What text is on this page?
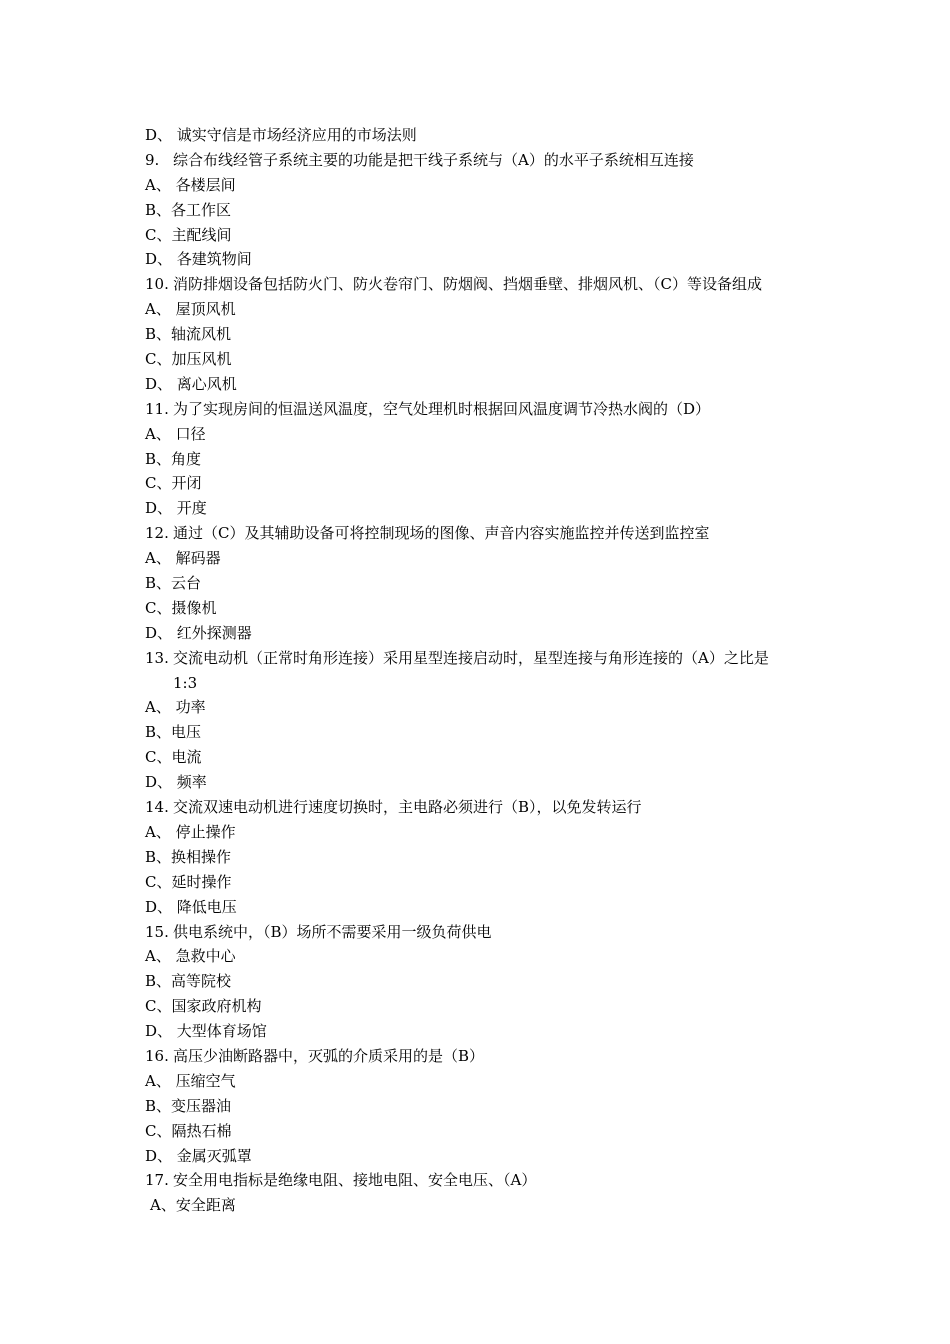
D、 诚实守信是市场经济应用的市场法则
9. 综合布线经管子系统主要的功能是把干线子系统与（A）的水平子系统相互连接
A、 各楼层间
B、各工作区
C、主配线间
D、 各建筑物间
10. 消防排烟设备包括防火门、防火卷帘门、防烟阀、挡烟垂壁、排烟风机、（C）等设备组成
A、 屋顶风机
B、轴流风机
C、加压风机
D、 离心风机
11. 为了实现房间的恒温送风温度，空气处理机时根据回风温度调节冷热水阀的（D）
A、 口径
B、角度
C、开闭
D、 开度
12. 通过（C）及其辅助设备可将控制现场的图像、声音内容实施监控并传送到监控室
A、 解码器
B、云台
C、摄像机
D、 红外探测器
13. 交流电动机（正常时角形连接）采用星型连接启动时，星型连接与角形连接的（A）之比是
1:3
A、 功率
B、电压
C、电流
D、 频率
14. 交流双速电动机进行速度切换时，主电路必须进行（B），以免发转运行
A、 停止操作
B、换相操作
C、延时操作
D、 降低电压
15. 供电系统中，（B）场所不需要采用一级负荷供电
A、 急救中心
B、高等院校
C、国家政府机构
D、 大型体育场馆
16. 高压少油断路器中，灭弧的介质采用的是（B）
A、 压缩空气
B、变压器油
C、隔热石棉
D、 金属灭弧罩
17. 安全用电指标是绝缘电阻、接地电阻、安全电压、（A）
A、安全距离
